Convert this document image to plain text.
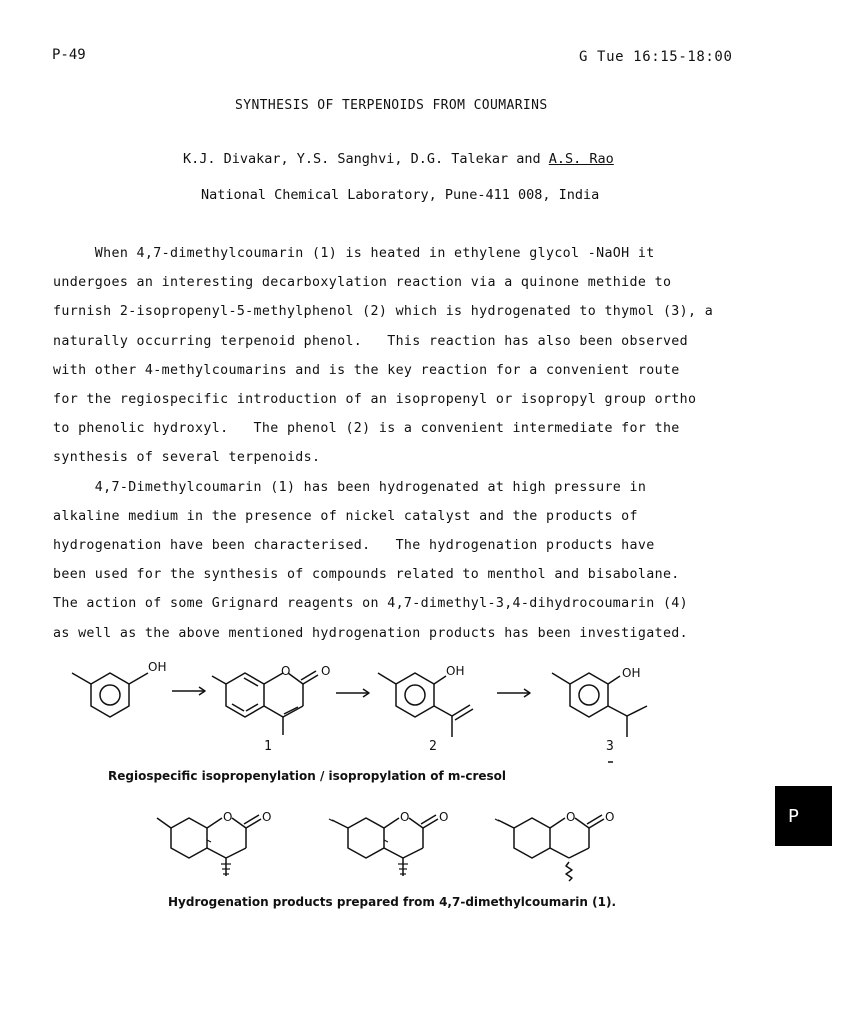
P-49	G Tue 16:15-18:00
SYNTHESIS OF TERPENOIDS FROM COUMARINS
K.J. Divakar, Y.S. Sanghvi, D.G. Talekar and A.S. Rao
National Chemical Laboratory, Pune-411 008, India
When 4,7-dimethylcoumarin (1) is heated in ethylene glycol -NaOH it
undergoes an interesting decarboxylation reaction via a quinone methide to
furnish 2-isopropenyl-5-methylphenol (2) which is hydrogenated to thymol (3), a
naturally occurring terpenoid phenol.   This reaction has also been observed
with other 4-methylcoumarins and is the key reaction for a convenient route
for the regiospecific introduction of an isopropenyl or isopropyl group ortho
to phenolic hydroxyl.   The phenol (2) is a convenient intermediate for the
synthesis of several terpenoids.
4,7-Dimethylcoumarin (1) has been hydrogenated at high pressure in
alkaline medium in the presence of nickel catalyst and the products of
hydrogenation have been characterised.   The hydrogenation products have
been used for the synthesis of compounds related to menthol and bisabolane.
The action of some Grignard reagents on 4,7-dimethyl-3,4-dihydrocoumarin (4)
as well as the above mentioned hydrogenation products has been investigated.
OH	O	O	OH	OH
O O	O O	O O
1	2	3
Regiospecific isopropenylation / isopropylation of m-cresol
Hydrogenation products prepared from 4,7-dimethylcoumarin (1).
P
